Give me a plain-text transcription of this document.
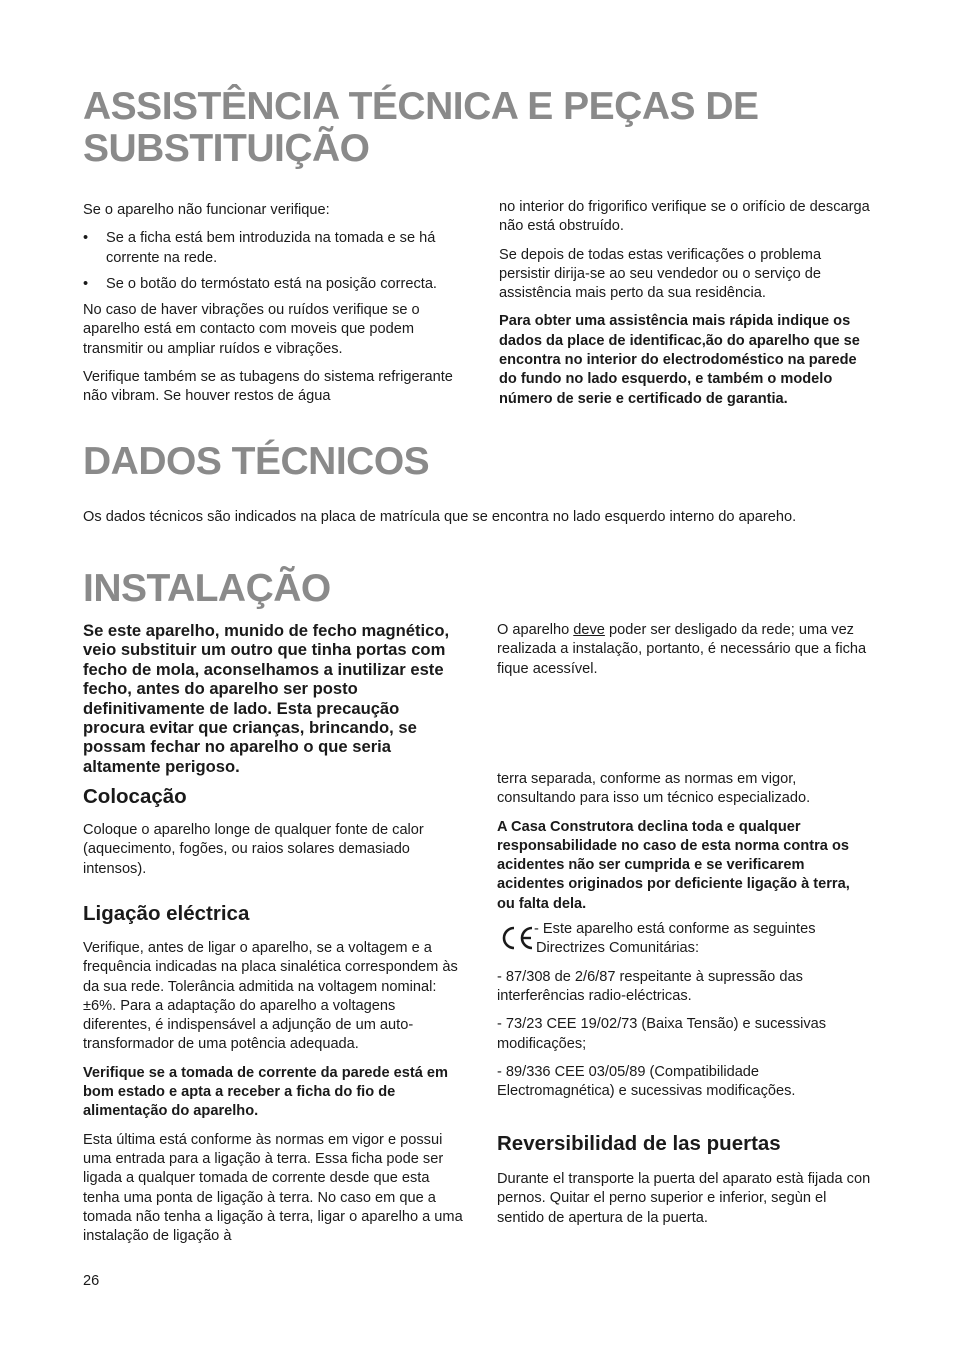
ASSISTÊNCIA TÉCNICA E PEÇAS DE SUBSTITUIÇÃO

Se o aparelho não funcionar verifique:

• Se a ficha está bem introduzida na tomada e se há corrente na rede.
• Se o botão do termóstato está na posição correcta.

No caso de haver vibrações ou ruídos verifique se o aparelho está em contacto com moveis que podem transmitir ou ampliar ruídos e vibrações.

Verifique também se as tubagens do sistema refrigerante não vibram. Se houver restos de água

no interior do frigorifico verifique se o orifício de descarga não está obstruído.

Se depois de todas estas verificações o problema persistir dirija-se ao seu vendedor ou o serviço de assistência mais perto da sua residência.

Para obter uma assistência mais rápida indique os dados da place de identificac,ão do aparelho que se encontra no interior do electrodoméstico na parede do fundo no lado esquerdo, e também o modelo número de serie e certificado de garantia.

DADOS TÉCNICOS

Os dados técnicos são indicados na placa de matrícula que se encontra no lado esquerdo interno do apareho.

INSTALAÇÃO

Se este aparelho, munido de fecho magnético, veio substituir um outro que tinha portas com fecho de mola, aconselhamos a inutilizar este fecho, antes do aparelho ser posto definitivamente de lado. Esta precaução procura evitar que crianças, brincando, se possam fechar no aparelho o que seria altamente perigoso.

Colocação

Coloque o aparelho longe de qualquer fonte de calor (aquecimento, fogões, ou raios solares demasiado intensos).

Ligação eléctrica

Verifique, antes de ligar o aparelho, se a voltagem e a frequência indicadas na placa sinalética correspondem às da sua rede. Tolerância admitida na voltagem nominal: ±6%. Para a adaptação do aparelho a voltagens diferentes, é indispensável a adjunção de um auto-transformador de uma potência adequada.

Verifique se a tomada de corrente da parede está em bom estado e apta a receber a ficha do fio de alimentação do aparelho.

Esta última está conforme às normas em vigor e possui uma entrada para a ligação à terra. Essa ficha pode ser ligada a qualquer tomada de corrente desde que esta tenha uma ponta de ligação à terra. No caso em que a tomada não tenha a ligação à terra, ligar o aparelho a uma instalação de ligação à

O aparelho deve poder ser desligado da rede; uma vez realizada a instalação, portanto, é necessário que a ficha fique acessível.

terra separada, conforme as normas em vigor, consultando para isso um técnico especializado.

A Casa Construtora declina toda e qualquer responsabilidade no caso de esta norma contra os acidentes não ser cumprida e se verificarem acidentes originados por deficiente ligação à terra, ou falta dela.

- Este aparelho está conforme as seguintes Directrizes Comunitárias:

- 87/308 de 2/6/87 respeitante à supressão das interferências radio-eléctricas.

- 73/23 CEE 19/02/73 (Baixa Tensão) e sucessivas modificações;

- 89/336 CEE 03/05/89 (Compatibilidade Electromagnética) e sucessivas modificações.

Reversibilidad de las puertas

Durante el transporte la puerta del aparato està fijada con pernos. Quitar el perno superior e inferior, segùn el sentido de apertura de la puerta.

26
